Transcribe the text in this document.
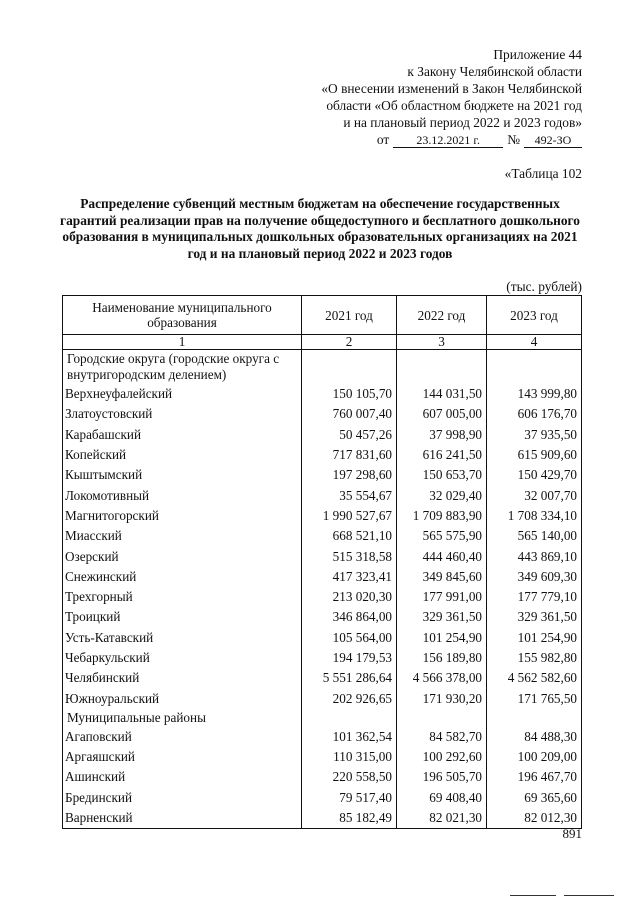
Приложение 44
к Закону Челябинской области
«О внесении изменений в Закон Челябинской
области «Об областном бюджете на 2021 год
и на плановый период 2022 и 2023 годов»
от	23.12.2021 г.	№	492-ЗО
«Таблица 102
Распределение субвенций местным бюджетам на обеспечение государственных гарантий реализации прав на получение общедоступного и бесплатного дошкольного образования в муниципальных дошкольных образовательных организациях на 2021 год и на плановый период 2022 и 2023 годов
(тыс. рублей)
Наименование муниципального образования	2021 год	2022 год	2023 год
1	2	3	4
Городские округа (городские округа с внутригородским делением)			
Верхнеуфалейский	150 105,70	144 031,50	143 999,80
Златоустовский	760 007,40	607 005,00	606 176,70
Карабашский	50 457,26	37 998,90	37 935,50
Копейский	717 831,60	616 241,50	615 909,60
Кыштымский	197 298,60	150 653,70	150 429,70
Локомотивный	35 554,67	32 029,40	32 007,70
Магнитогорский	1 990 527,67	1 709 883,90	1 708 334,10
Миасский	668 521,10	565 575,90	565 140,00
Озерский	515 318,58	444 460,40	443 869,10
Снежинский	417 323,41	349 845,60	349 609,30
Трехгорный	213 020,30	177 991,00	177 779,10
Троицкий	346 864,00	329 361,50	329 361,50
Усть-Катавский	105 564,00	101 254,90	101 254,90
Чебаркульский	194 179,53	156 189,80	155 982,80
Челябинский	5 551 286,64	4 566 378,00	4 562 582,60
Южноуральский	202 926,65	171 930,20	171 765,50
Муниципальные районы			
Агаповский	101 362,54	84 582,70	84 488,30
Аргаяшский	110 315,00	100 292,60	100 209,00
Ашинский	220 558,50	196 505,70	196 467,70
Брединский	79 517,40	69 408,40	69 365,60
Варненский	85 182,49	82 021,30	82 012,30
891
